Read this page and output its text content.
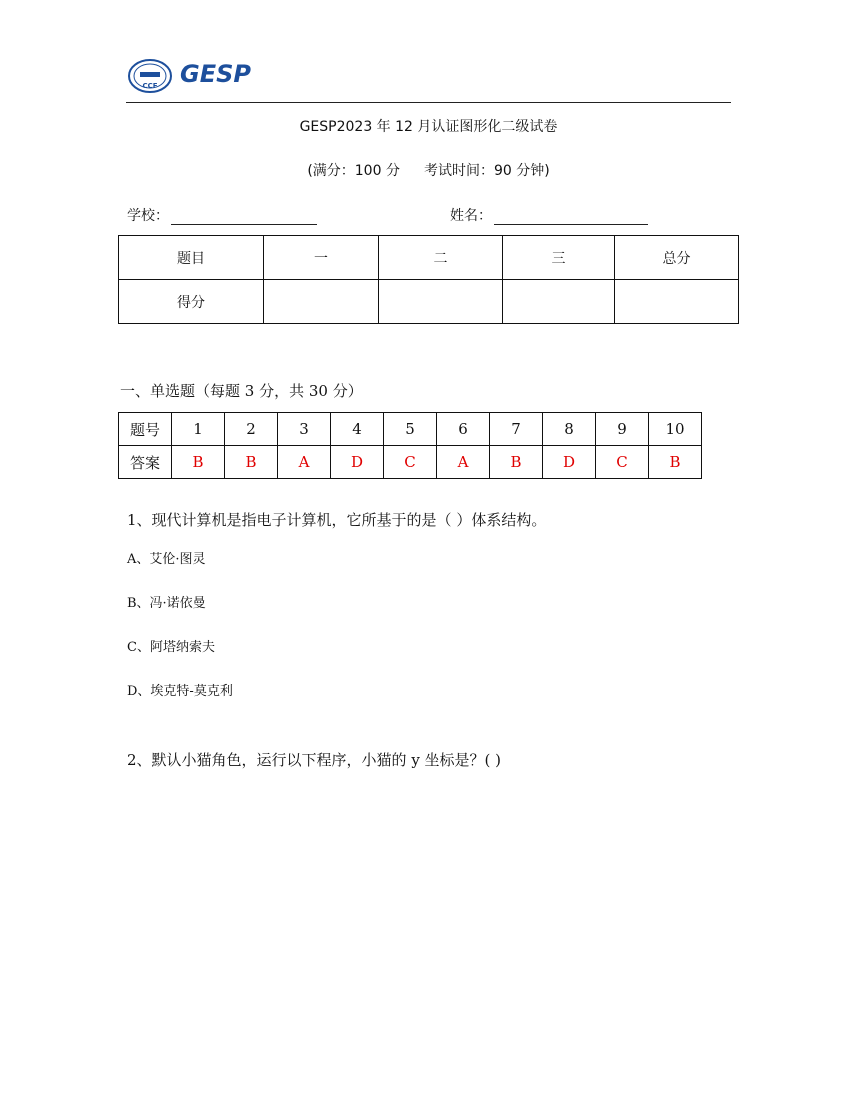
CCF GESP
GESP2023 年 12 月认证图形化二级试卷
(满分：100 分 考试时间：90 分钟)
学校：	姓名：
题目	一	二	三	总分
得分				
一、单选题（每题 3 分，共 30 分）
题号	1	2	3	4	5	6	7	8	9	10
答案	B	B	A	D	C	A	B	D	C	B
1、现代计算机是指电子计算机，它所基于的是（ ）体系结构。
A、艾伦·图灵
B、冯·诺依曼
C、阿塔纳索夫
D、埃克特-莫克利
2、默认小猫角色，运行以下程序，小猫的 y 坐标是？( )
